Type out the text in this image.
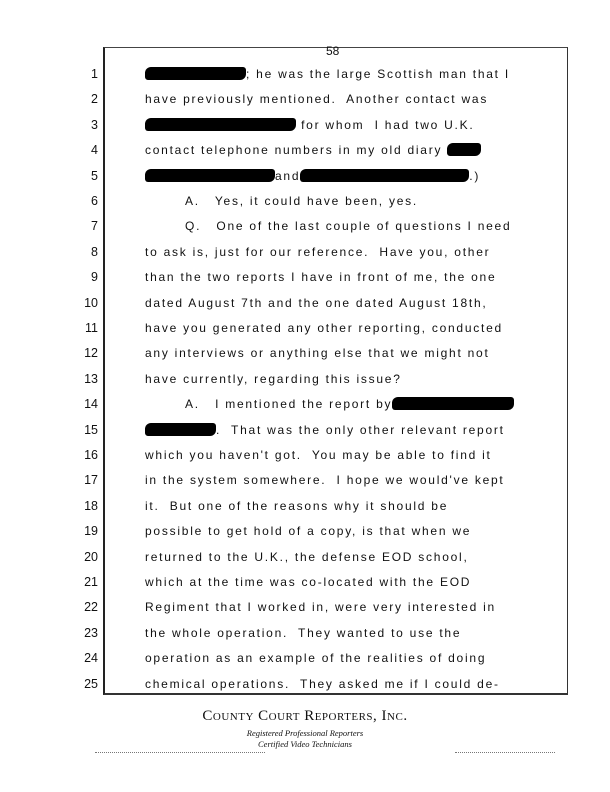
58
1	; he was the large Scottish man that I
2	have previously mentioned.  Another contact was
3	for whom  I had two U.K.
4	contact telephone numbers in my old diary
5	and	.)
6	A.   Yes, it could have been, yes.
7	Q.   One of the last couple of questions I need
8	to ask is, just for our reference.  Have you, other
9	than the two reports I have in front of me, the one
10	dated August 7th and the one dated August 18th,
11	have you generated any other reporting, conducted
12	any interviews or anything else that we might not
13	have currently, regarding this issue?
14	A.   I mentioned the report by
15	.  That was the only other relevant report
16	which you haven't got.  You may be able to find it
17	in the system somewhere.  I hope we would've kept
18	it.  But one of the reasons why it should be
19	possible to get hold of a copy, is that when we
20	returned to the U.K., the defense EOD school,
21	which at the time was co-located with the EOD
22	Regiment that I worked in, were very interested in
23	the whole operation.  They wanted to use the
24	operation as an example of the realities of doing
25	chemical operations.  They asked me if I could de-
County Court Reporters, Inc.
Registered Professional Reporters
Certified Video Technicians
